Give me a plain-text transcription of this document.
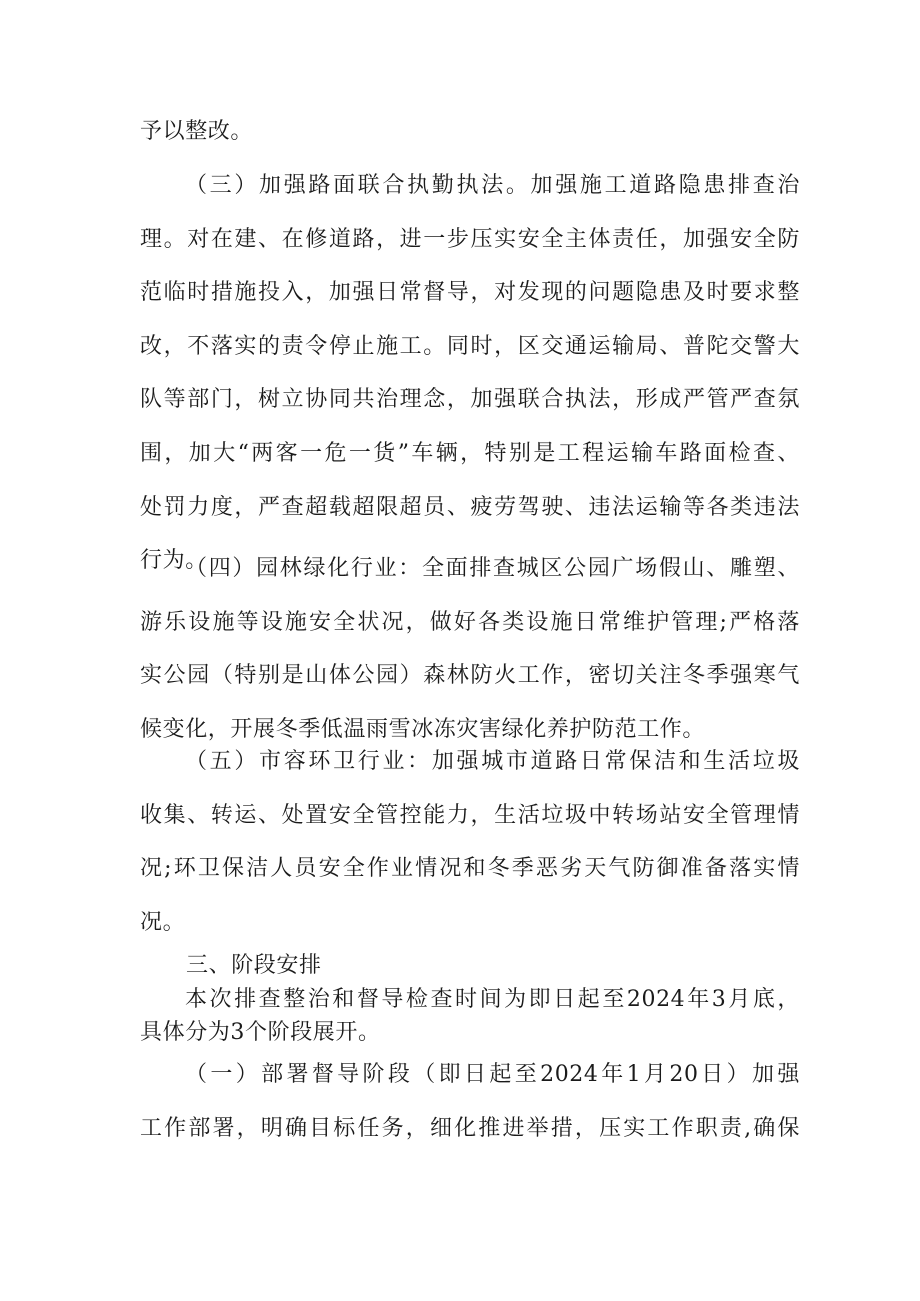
予以整改。
（三）加强路面联合执勤执法。加强施工道路隐患排查治
理。对在建、在修道路，进一步压实安全主体责任，加强安全防
范临时措施投入，加强日常督导，对发现的问题隐患及时要求整
改，不落实的责令停止施工。同时，区交通运输局、普陀交警大
队等部门，树立协同共治理念，加强联合执法，形成严管严查氛
围，加大“两客一危一货”车辆，特别是工程运输车路面检查、
处罚力度，严查超载超限超员、疲劳驾驶、违法运输等各类违法
行为。
（四）园林绿化行业：全面排查城区公园广场假山、雕塑、
游乐设施等设施安全状况，做好各类设施日常维护管理;严格落
实公园（特别是山体公园）森林防火工作，密切关注冬季强寒气
候变化，开展冬季低温雨雪冰冻灾害绿化养护防范工作。
（五）市容环卫行业：加强城市道路日常保洁和生活垃圾
收集、转运、处置安全管控能力，生活垃圾中转场站安全管理情
况;环卫保洁人员安全作业情况和冬季恶劣天气防御准备落实情
况。
三、阶段安排
本次排查整治和督导检查时间为即日起至2024年3月底，
具体分为3个阶段展开。
（一）部署督导阶段（即日起至2024年1月20日）加强
工作部署，明确目标任务，细化推进举措，压实工作职责,确保
